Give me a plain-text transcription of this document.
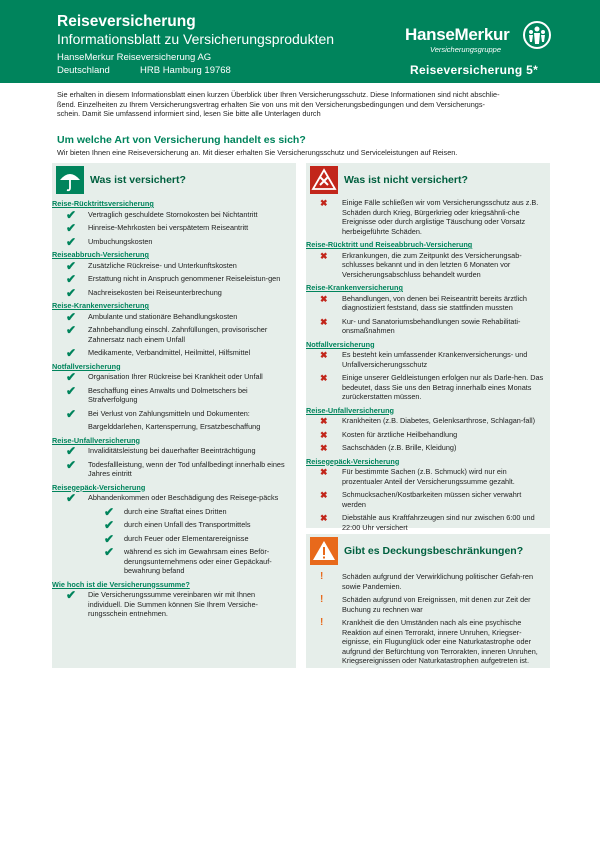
Reiseversicherung
Informationsblatt zu Versicherungsprodukten
HanseMerkur Reiseversicherung AG
Deutschland	HRB Hamburg 19768
HanseMerkur
Versicherungsgruppe
Reiseversicherung 5*
Sie erhalten in diesem Informationsblatt einen kurzen Überblick über Ihren Versicherungsschutz. Diese Informationen sind nicht abschlie-
ßend. Einzelheiten zu Ihrem Versicherungsvertrag erhalten Sie von uns mit den Versicherungsbedingungen und dem Versicherungs-
schein. Damit Sie umfassend informiert sind, lesen Sie bitte alle Unterlagen durch
Um welche Art von Versicherung handelt es sich?
Wir bieten Ihnen eine Reiseversicherung an. Mit dieser erhalten Sie Versicherungsschutz und Serviceleistungen auf Reisen.
Was ist versichert?
Reise-Rücktrittsversicherung
✔ Vertraglich geschuldete Stornokosten bei Nichtantritt
✔ Hinreise-Mehrkosten bei verspätetem Reiseantritt
✔ Umbuchungskosten
Reiseabbruch-Versicherung
✔ Zusätzliche Rückreise- und Unterkunftskosten
✔ Erstattung nicht in Anspruch genommener Reiseleistun-gen
✔ Nachreisekosten bei Reiseunterbrechung
Reise-Krankenversicherung
✔ Ambulante und stationäre Behandlungskosten
✔ Zahnbehandlung einschl. Zahnfüllungen, provisorischer Zahnersatz nach einem Unfall
✔ Medikamente, Verbandmittel, Heilmittel, Hilfsmittel
Notfallversicherung
✔ Organisation Ihrer Rückreise bei Krankheit oder Unfall
✔ Beschaffung eines Anwalts und Dolmetschers bei Strafverfolgung
✔ Bei Verlust von Zahlungsmitteln und Dokumenten:
Bargelddarlehen, Kartensperrung, Ersatzbeschaffung
Reise-Unfallversicherung
✔ Invaliditätsleistung bei dauerhafter Beeinträchtigung
✔ Todesfallleistung, wenn der Tod unfallbedingt innerhalb eines Jahres eintritt
Reisegepäck-Versicherung
✔ Abhandenkommen oder Beschädigung des Reisege-päcks
✔ durch eine Straftat eines Dritten
✔ durch einen Unfall des Transportmittels
✔ durch Feuer oder Elementarereignisse
✔ während es sich im Gewahrsam eines Beför-derungsunternehmens oder einer Gepäckauf-bewahrung befand
Wie hoch ist die Versicherungssumme?
✔ Die Versicherungssumme vereinbaren wir mit Ihnen individuell. Die Summen können Sie Ihrem Versiche-rungsschein entnehmen.
Was ist nicht versichert?
✖	Einige Fälle schließen wir vom Versicherungsschutz aus z.B. Schäden durch Krieg, Bürgerkrieg oder kriegsähnli-che Ereignisse oder durch arglistige Täuschung oder Vorsatz herbeigeführte Schäden.
Reise-Rücktritt und Reiseabbruch-Versicherung
✖	Erkrankungen, die zum Zeitpunkt des Versicherungsab-schlusses bekannt und in den letzten 6 Monaten vor Versicherungsabschluss behandelt wurden
Reise-Krankenversicherung
✖	Behandlungen, von denen bei Reiseantritt bereits ärztlich diagnostiziert feststand, dass sie stattfinden mussten
✖	Kur- und Sanatoriumsbehandlungen sowie Rehabilitati-onsmaßnahmen
Notfallversicherung
✖	Es besteht kein umfassender Krankenversicherungs- und Unfallversicherungsschutz
✖	Einige unserer Geldleistungen erfolgen nur als Darle-hen. Das bedeutet, dass Sie uns den Betrag innerhalb eines Monats zurückerstatten müssen.
Reise-Unfallversicherung
✖	Krankheiten (z.B. Diabetes, Gelenksarthrose, Schlagan-fall)
✖	Kosten für ärztliche Heilbehandlung
✖	Sachschäden (z.B. Brille, Kleidung)
Reisegepäck-Versicherung
✖	Für bestimmte Sachen (z.B. Schmuck) wird nur ein prozentualer Anteil der Versicherungssumme gezahlt.
✖	Schmucksachen/Kostbarkeiten müssen sicher verwahrt werden
✖	Diebstähle aus Kraftfahrzeugen sind nur zwischen 6:00 und 22:00 Uhr versichert
Gibt es Deckungsbeschränkungen?
!	Schäden aufgrund der Verwirklichung politischer Gefah-ren sowie Pandemien.
!	Schäden aufgrund von Ereignissen, mit denen zur Zeit der Buchung zu rechnen war
!	Krankheit die den Umständen nach als eine psychische Reaktion auf einen Terrorakt, innere Unruhen, Kriegser-eignisse, ein Flugunglück oder eine Naturkatastrophe oder aufgrund der Befürchtung von Terrorakten, inneren Unruhen, Kriegsereignissen oder Naturkatastrophen aufgetreten ist.
